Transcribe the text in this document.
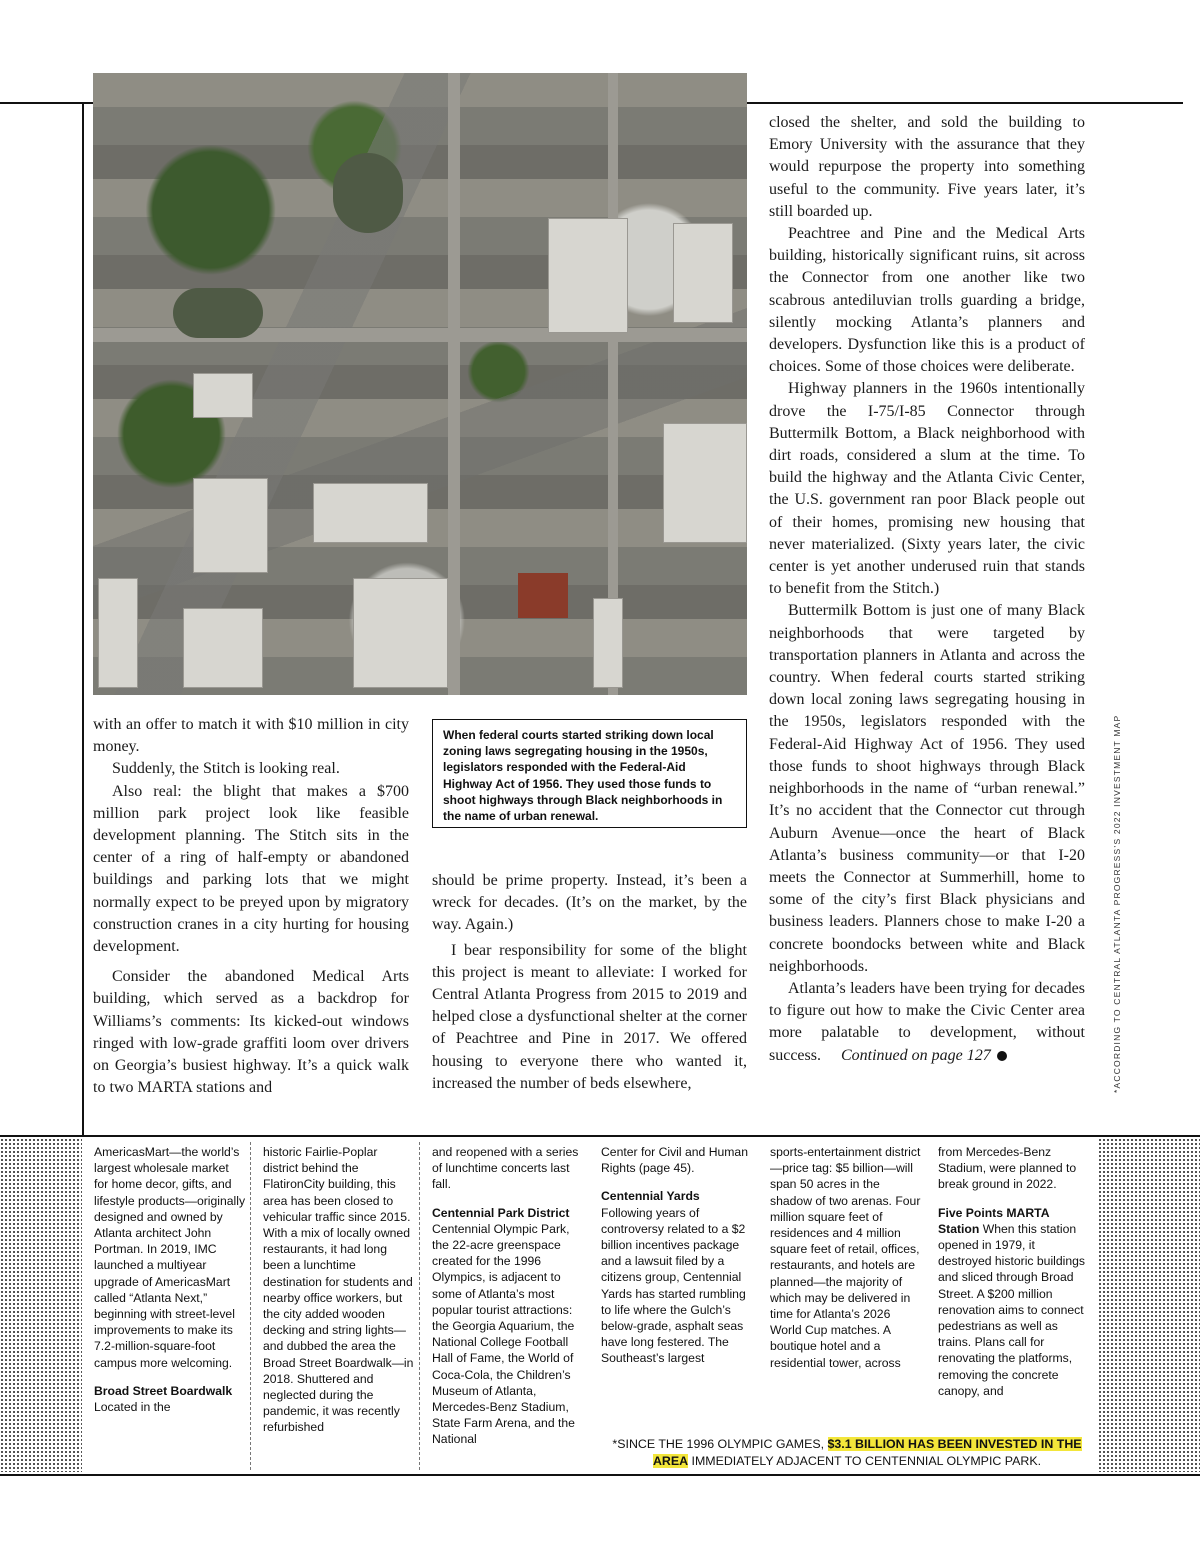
with an offer to match it with $10 million in city money.

Suddenly, the Stitch is looking real.

Also real: the blight that makes a $700 million park project look like feasible development planning. The Stitch sits in the center of a ring of half-empty or abandoned buildings and parking lots that we might normally expect to be preyed upon by migratory construction cranes in a city hurting for housing development.

Consider the abandoned Medical Arts building, which served as a backdrop for Williams’s comments: Its kicked-out windows ringed with low-grade graffiti loom over drivers on Georgia’s busiest highway. It’s a quick walk to two MARTA stations and

When federal courts started striking down local zoning laws segregating housing in the 1950s, legislators responded with the Federal-Aid Highway Act of 1956. They used those funds to shoot highways through Black neighborhoods in the name of urban renewal.

should be prime property. Instead, it’s been a wreck for decades. (It’s on the market, by the way. Again.)

I bear responsibility for some of the blight this project is meant to alleviate: I worked for Central Atlanta Progress from 2015 to 2019 and helped close a dysfunctional shelter at the corner of Peachtree and Pine in 2017. We offered housing to everyone there who wanted it, increased the number of beds elsewhere,

closed the shelter, and sold the building to Emory University with the assurance that they would repurpose the property into something useful to the community. Five years later, it’s still boarded up.

Peachtree and Pine and the Medical Arts building, historically significant ruins, sit across the Connector from one another like two scabrous antediluvian trolls guarding a bridge, silently mocking Atlanta’s planners and developers. Dysfunction like this is a product of choices. Some of those choices were deliberate.

Highway planners in the 1960s intentionally drove the I-75/I-85 Connector through Buttermilk Bottom, a Black neighborhood with dirt roads, considered a slum at the time. To build the highway and the Atlanta Civic Center, the U.S. government ran poor Black people out of their homes, promising new housing that never materialized. (Sixty years later, the civic center is yet another underused ruin that stands to benefit from the Stitch.)

Buttermilk Bottom is just one of many Black neighborhoods that were targeted by transportation planners in Atlanta and across the country. When federal courts started striking down local zoning laws segregating housing in the 1950s, legislators responded with the Federal-Aid Highway Act of 1956. They used those funds to shoot highways through Black neighborhoods in the name of “urban renewal.” It’s no accident that the Connector cut through Auburn Avenue—once the heart of Black Atlanta’s business community—or that I-20 meets the Connector at Summerhill, home to some of the city’s first Black physicians and business leaders. Planners chose to make I-20 a concrete boondocks between white and Black neighborhoods.

Atlanta’s leaders have been trying for decades to figure out how to make the Civic Center area more palatable to development, without success. Continued on page 127	*ACCORDING TO CENTRAL ATLANTA PROGRESS’S 2022 INVESTMENT MAP

AmericasMart—the world’s largest wholesale market for home decor, gifts, and lifestyle products—originally designed and owned by Atlanta architect John Portman. In 2019, IMC launched a multiyear upgrade of AmericasMart called “Atlanta Next,” beginning with street-level improvements to make its 7.2-million-square-foot campus more welcoming.

Broad Street Boardwalk Located in the

historic Fairlie-Poplar district behind the FlatironCity building, this area has been closed to vehicular traffic since 2015. With a mix of locally owned restaurants, it had long been a lunchtime destination for students and nearby office workers, but the city added wooden decking and string lights—and dubbed the area the Broad Street Boardwalk—in 2018. Shuttered and neglected during the pandemic, it was recently refurbished

and reopened with a series of lunchtime concerts last fall.

Centennial Park District Centennial Olympic Park, the 22-acre greenspace created for the 1996 Olympics, is adjacent to some of Atlanta’s most popular tourist attractions: the Georgia Aquarium, the National College Football Hall of Fame, the World of Coca-Cola, the Children’s Museum of Atlanta, Mercedes-Benz Stadium, State Farm Arena, and the National

Center for Civil and Human Rights (page 45).

Centennial Yards Following years of controversy related to a $2 billion incentives package and a lawsuit filed by a citizens group, Centennial Yards has started rumbling to life where the Gulch’s below-grade, asphalt seas have long festered. The Southeast’s largest

sports-entertainment district—price tag: $5 billion—will span 50 acres in the shadow of two arenas. Four million square feet of residences and 4 million square feet of retail, offices, restaurants, and hotels are planned—the majority of which may be delivered in time for Atlanta’s 2026 World Cup matches. A boutique hotel and a residential tower, across

from Mercedes-Benz Stadium, were planned to break ground in 2022.

Five Points MARTA Station When this station opened in 1979, it destroyed historic buildings and sliced through Broad Street. A $200 million renovation aims to connect pedestrians as well as trains. Plans call for renovating the platforms, removing the concrete canopy, and

*SINCE THE 1996 OLYMPIC GAMES, $3.1 BILLION HAS BEEN INVESTED IN THE AREA IMMEDIATELY ADJACENT TO CENTENNIAL OLYMPIC PARK.
